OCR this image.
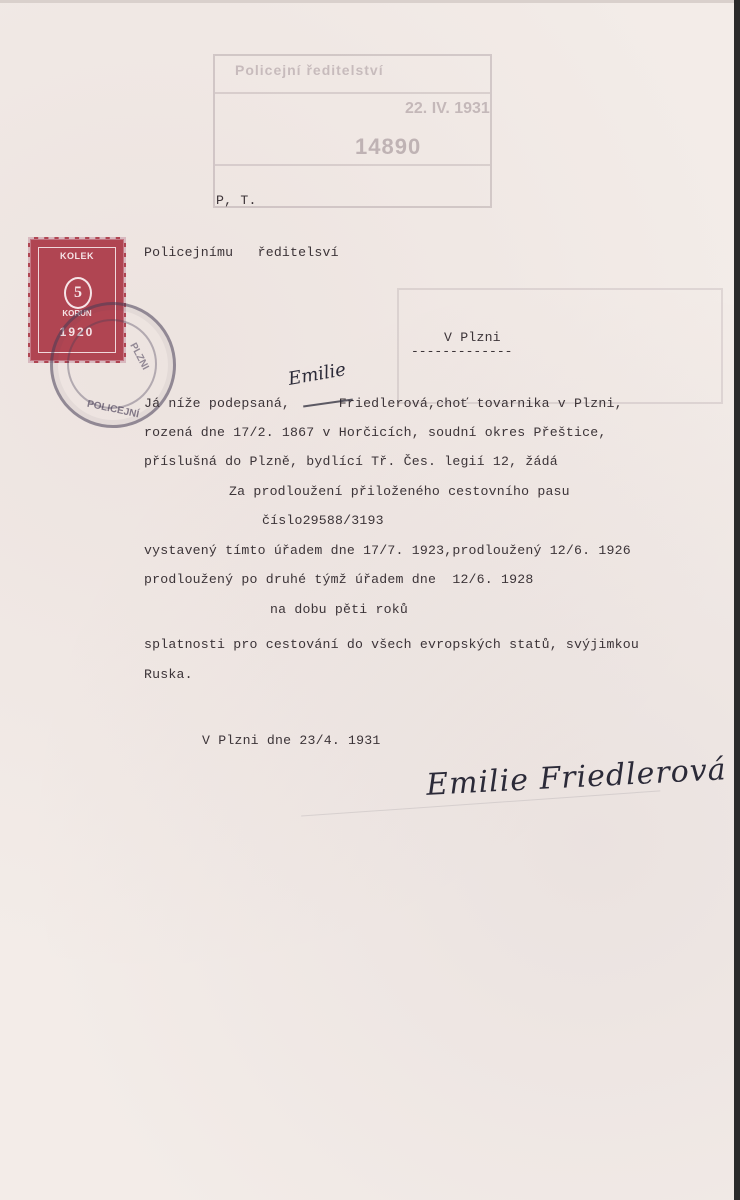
Policejní ředitelství
22. IV. 1931
14890
KOLEK
5
KORUN
1920
POLICEJNÍ
PLZNI
P, T.
Policejnímu   ředitelsví
V Plzni
-------------
Já níže podepsaná,      Friedlerová,choť tovarnika v Plzni,
rozená dne 17/2. 1867 v Horčicích, soudní okres Přeštice,
příslušná do Plzně, bydlící Tř. Čes. legií 12, žádá
Za prodloužení přiloženého cestovního pasu
číslo29588/3193
vystavený tímto úřadem dne 17/7. 1923,prodloužený 12/6. 1926
prodloužený po druhé týmž úřadem dne  12/6. 1928
na dobu pěti roků
splatnosti pro cestování do všech evropských statů, svýjimkou
Ruska.
V Plzni dne 23/4. 1931
Emilie
Emilie Friedlerová
